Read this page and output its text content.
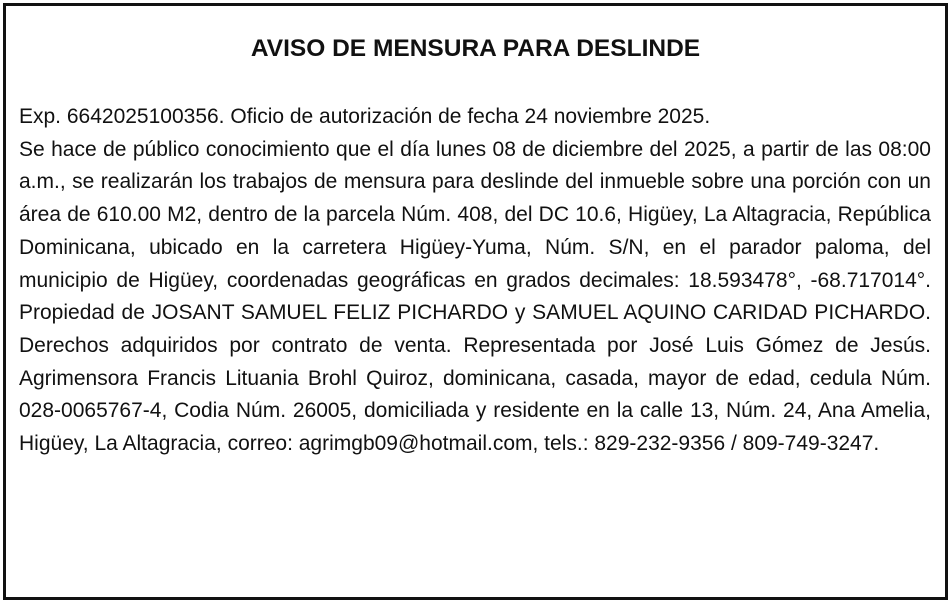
AVISO DE MENSURA PARA DESLINDE
Exp. 6642025100356. Oficio de autorización de fecha 24 noviembre 2025.
Se hace de público conocimiento que el día lunes 08 de diciembre del 2025, a partir de las 08:00 a.m., se realizarán los trabajos de mensura para deslinde del inmueble sobre una porción con un área de 610.00 M2, dentro de la parcela Núm. 408, del DC 10.6, Higüey, La Altagracia, República Dominicana, ubicado en la carretera Higüey-Yuma, Núm. S/N, en el parador paloma, del municipio de Higüey, coordenadas geográficas en grados decimales: 18.593478°, -68.717014°. Propiedad de JOSANT SAMUEL FELIZ PICHARDO y SAMUEL AQUINO CARIDAD PICHARDO. Derechos adquiridos por contrato de venta. Representada por José Luis Gómez de Jesús. Agrimensora Francis Lituania Brohl Quiroz, dominicana, casada, mayor de edad, cedula Núm. 028-0065767-4, Codia Núm. 26005, domiciliada y residente en la calle 13, Núm. 24, Ana Amelia, Higüey, La Altagracia, correo: agrimgb09@hotmail.com, tels.: 829-232-9356 / 809-749-3247.
